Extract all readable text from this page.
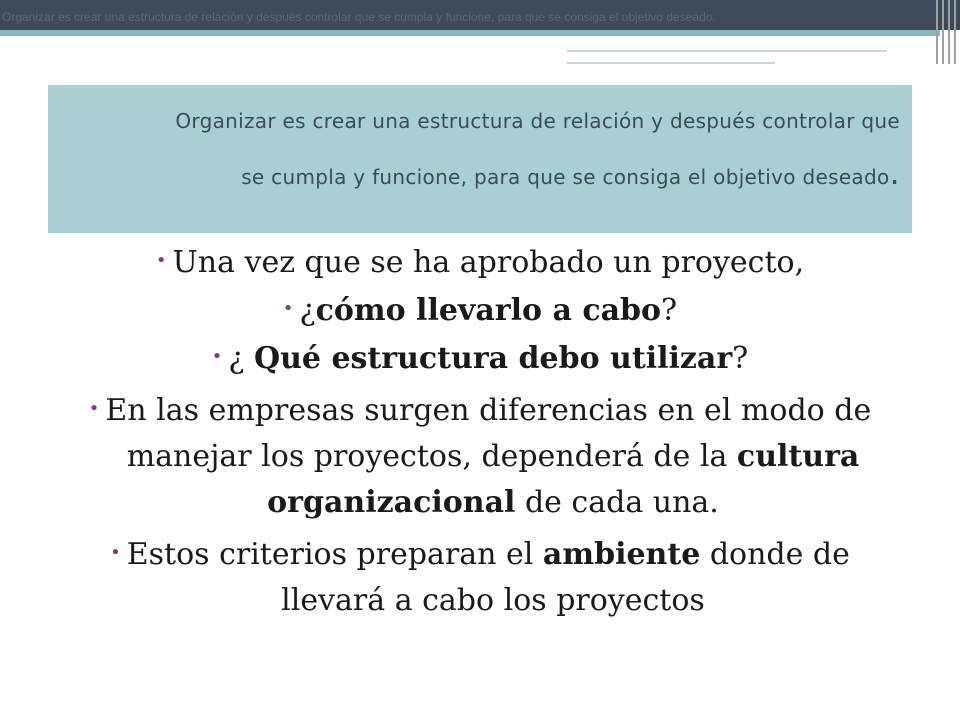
Organizar es crear una estructura de relación y después controlar que se cumpla y funcione, para que se consiga el objetivo deseado.

Organizar es crear una estructura de relación y después controlar que
se cumpla y funcione, para que se consiga el objetivo deseado.

• Una vez que se ha aprobado un proyecto,

• ¿cómo llevarlo a cabo?

• ¿ Qué estructura debo utilizar?

• En las empresas surgen diferencias en el modo de manejar los proyectos, dependerá de la cultura organizacional de cada una.

• Estos criterios preparan el ambiente donde de llevará a cabo los proyectos
